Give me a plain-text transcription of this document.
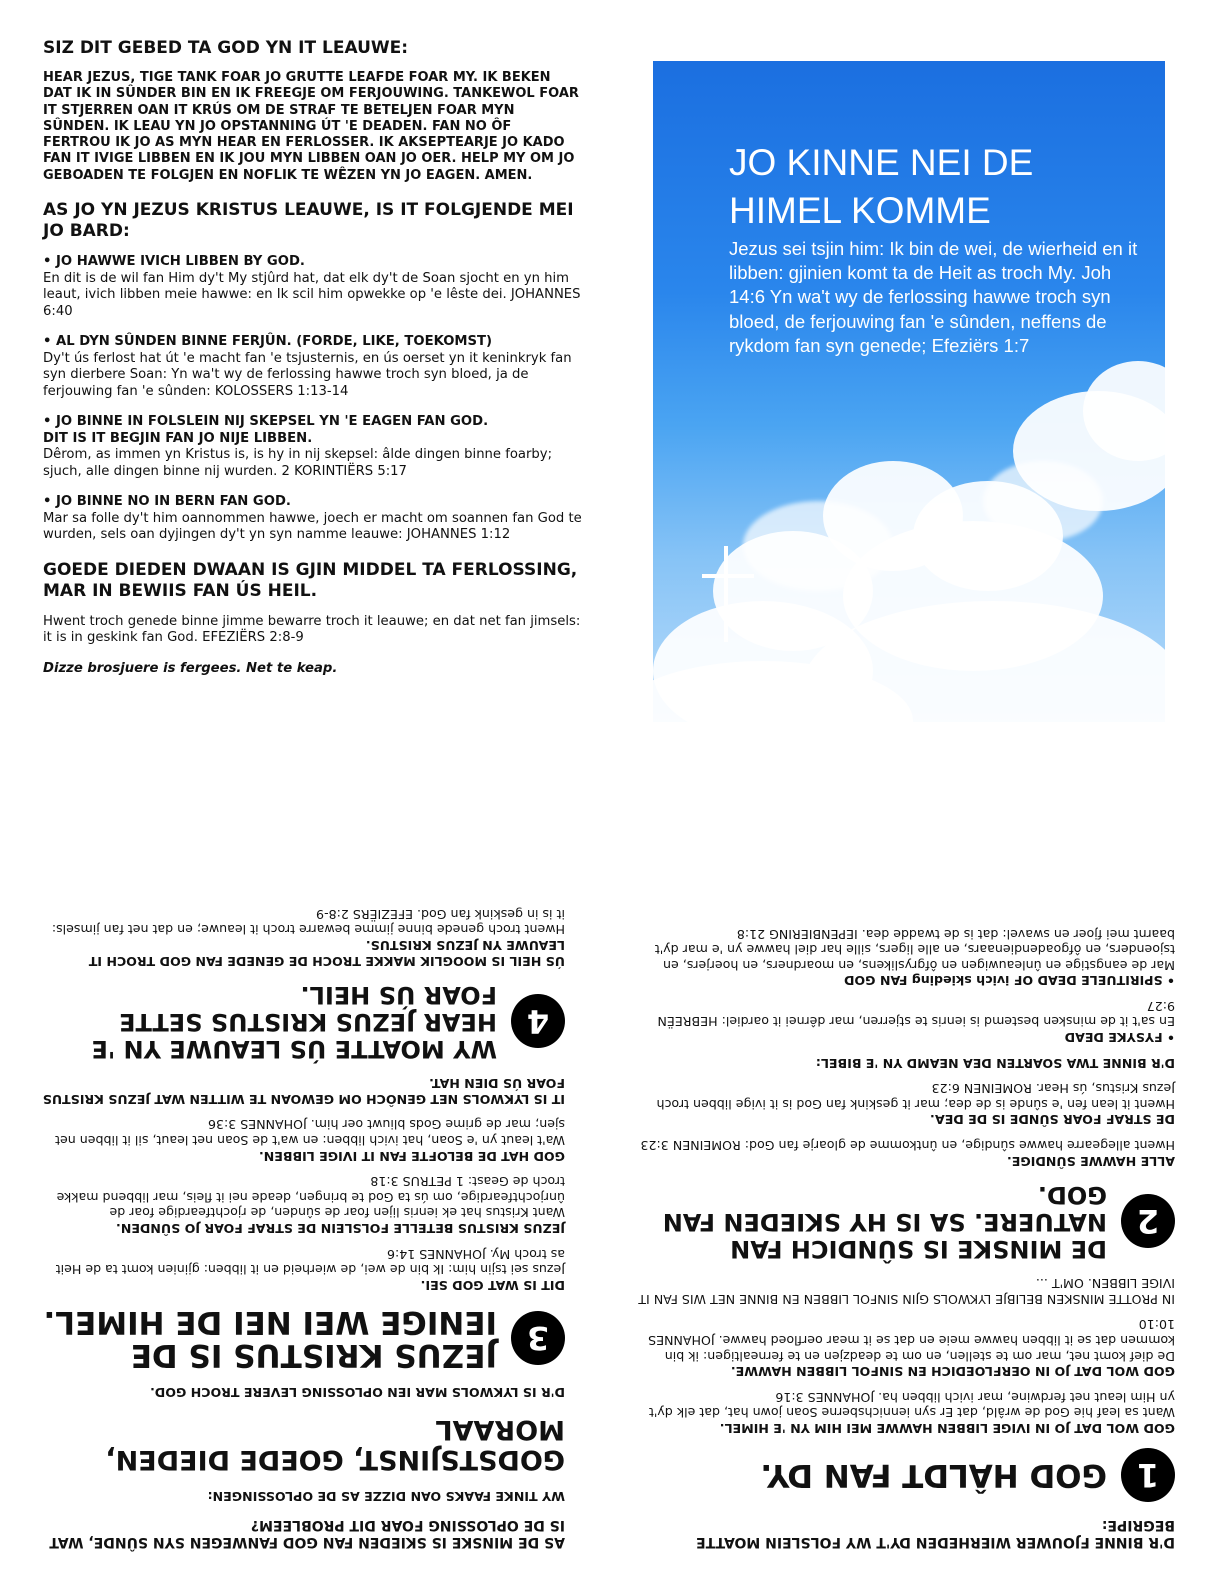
SIZ DIT GEBED TA GOD YN IT LEAUWE:

HEAR JEZUS, TIGE TANK FOAR JO GRUTTE LEAFDE FOAR MY. IK BEKEN DAT IK IN SÛNDER BIN EN IK FREEGJE OM FERJOUWING. TANKEWOL FOAR IT STJERREN OAN IT KRÚS OM DE STRAF TE BETELJEN FOAR MYN SÛNDEN. IK LEAU YN JO OPSTANNING ÚT 'E DEADEN. FAN NO ÔF FERTROU IK JO AS MYN HEAR EN FERLOSSER. IK AKSEPTEARJE JO KADO FAN IT IVIGE LIBBEN EN IK JOU MYN LIBBEN OAN JO OER. HELP MY OM JO GEBOADEN TE FOLGJEN EN NOFLIK TE WÊZEN YN JO EAGEN. AMEN.

AS JO YN JEZUS KRISTUS LEAUWE, IS IT FOLGJENDE MEI JO BARD:

• JO HAWWE IVICH LIBBEN BY GOD.

En dit is de wil fan Him dy't My stjûrd hat, dat elk dy't de Soan sjocht en yn him leaut, ivich libben meie hawwe: en Ik scil him opwekke op 'e lêste dei. JOHANNES 6:40

• AL DYN SÛNDEN BINNE FERJÛN. (FORDE, LIKE, TOEKOMST)

Dy't ús ferlost hat út 'e macht fan 'e tsjusternis, en ús oerset yn it keninkryk fan syn dierbere Soan: Yn wa't wy de ferlossing hawwe troch syn bloed, ja de ferjouwing fan 'e sûnden: KOLOSSERS 1:13-14

• JO BINNE IN FOLSLEIN NIJ SKEPSEL YN 'E EAGEN FAN GOD.

DIT IS IT BEGJIN FAN JO NIJE LIBBEN.

Dêrom, as immen yn Kristus is, is hy in nij skepsel: âlde dingen binne foarby; sjuch, alle dingen binne nij wurden. 2 KORINTIËRS 5:17

• JO BINNE NO IN BERN FAN GOD.

Mar sa folle dy't him oannommen hawwe, joech er macht om soannen fan God te wurden, sels oan dyjingen dy't yn syn namme leauwe: JOHANNES 1:12

GOEDE DIEDEN DWAAN IS GJIN MIDDEL TA FERLOSSING, MAR IN BEWIIS FAN ÚS HEIL.

Hwent troch genede binne jimme bewarre troch it leauwe; en dat net fan jimsels: it is in geskink fan God. EFEZIËRS 2:8-9

Dizze brosjuere is fergees. Net te keap.

JO KINNE NEI DE HIMEL KOMME
Jezus sei tsjin him: Ik bin de wei, de wierheid en it libben: gjinien komt ta de Heit as troch My. Joh 14:6 Yn wa't wy de ferlossing hawwe troch syn bloed, de ferjouwing fan 'e sûnden, neffens de rykdom fan syn genede; Efeziërs 1:7

D'R BINNE FJOUWER WIERHEDEN DY'T WY FOLSLEIN MOATTE BEGRIPE:

1
GOD HÂLDT FAN DY.

GOD WOL DAT JO IN IVIGE LIBBEN HAWWE MEI HIM YN 'E HIMEL.

Want sa leaf hie God de wrâld, dat Er syn iennichsberne Soan jown hat, dat elk dy't yn Him leaut net ferdwine, mar ivich libben ha. JOHANNES 3:16

GOD WOL DAT JO IN OERFLOEDICH EN SINFOL LIBBEN HAWWE.

De dief komt net, mar om te stellen, en om te deadzjen en te fernealtigen: ik bin kommen dat se it libben hawwe meie en dat se it mear oerfloed hawwe. JOHANNES 10:10

IN PROTTE MINSKEN BELIBJE LYKWOLS GJIN SINFOL LIBBEN EN BINNE NET WIS FAN IT IVIGE LIBBEN. OM'T ...

2
DE MINSKE IS SÛNDICH FAN NATUERE. SA IS HY SKIEDEN FAN GOD.

ALLE HAWWE SÛNDIGE.

Hwent allegearre hawwe sûndige, en ûntkomme de gloarje fan God: ROMEINEN 3:23

DE STRAF FOAR SÛNDE IS DE DEA.

Hwent it lean fen 'e sûnde is de dea; mar it geskink fan God is it ivige libben troch Jezus Kristus, ús Hear. ROMEINEN 6:23

D'R BINNE TWA SOARTEN DEA NEAMD YN 'E BIBEL:

• FYSYKE DEAD

En sa't it de minsken bestemd is ienris te stjerren, mar dêrnei it oardiel: HEBREËN 9:27

• SPIRITUELE DEAD OF ivich skieding FAN GOD

Mar de eangstige en ûnleauwigen en ôfgryslikens, en moardners, en hoerjers, en tsjoenders, en ôfgoadendienaars, en alle ligers, sille har diel hawwe yn 'e mar dy't baarnt mei fjoer en swavel: dat is de twadde dea. IEPENBIERING 21:8

AS DE MINSKE IS SKIEDEN FAN GOD FANWEGEN SYN SÛNDE, WAT IS DE OPLOSSING FOAR DIT PROBLEEM?

WY TINKE FAAKS OAN DIZZE AS DE OPLOSSINGEN:

GODSTSJINST, GOEDE DIEDEN, MORAAL

D'R IS LYKWOLS MAR IEN OPLOSSING LEVERE TROCH GOD.

3
JEZUS KRISTUS IS DE IENIGE WEI NEI DE HIMEL.

DIT IS WAT GOD SEI.

Jezus sei tsjin him: Ik bin de wei, de wierheid en it libben: gjinien komt ta de Heit as troch My. JOHANNES 14:6

JEZUS KRISTUS BETELLE FOLSLEIN DE STRAF FOAR JO SÛNDEN.

Want Kristus hat ek ienris lijen foar de sûnden, de rjochtfeardige foar de ûnrjochtfeardige, om ús ta God te bringen, deade nei it fleis, mar libbend makke troch de Geast: 1 PETRUS 3:18

GOD HAT DE BELOFTE FAN IT IVIGE LIBBEN.

Wa't leaut yn 'e Soan, hat ivich libben: en wa't de Soan net leaut, sil it libben net sjen; mar de grime Gods bliuwt oer him. JOHANNES 3:36

IT IS LYKWOLS NET GENÔCH OM GEWOAN TE WITTEN WAT JEZUS KRISTUS FOAR ÚS DIEN HAT.

4
WY MOATTE ÚS LEAUWE YN 'E HEAR JEZUS KRISTUS SETTE FOAR ÚS HEIL.

ÚS HEIL IS MOOGLIK MAKKE TROCH DE GENEDE FAN GOD TROCH IT LEAUWE YN JEZUS KRISTUS.

Hwent troch genede binne jimme bewarre troch it leauwe; en dat net fan jimsels: it is in geskink fan God. EFEZIËRS 2:8-9
